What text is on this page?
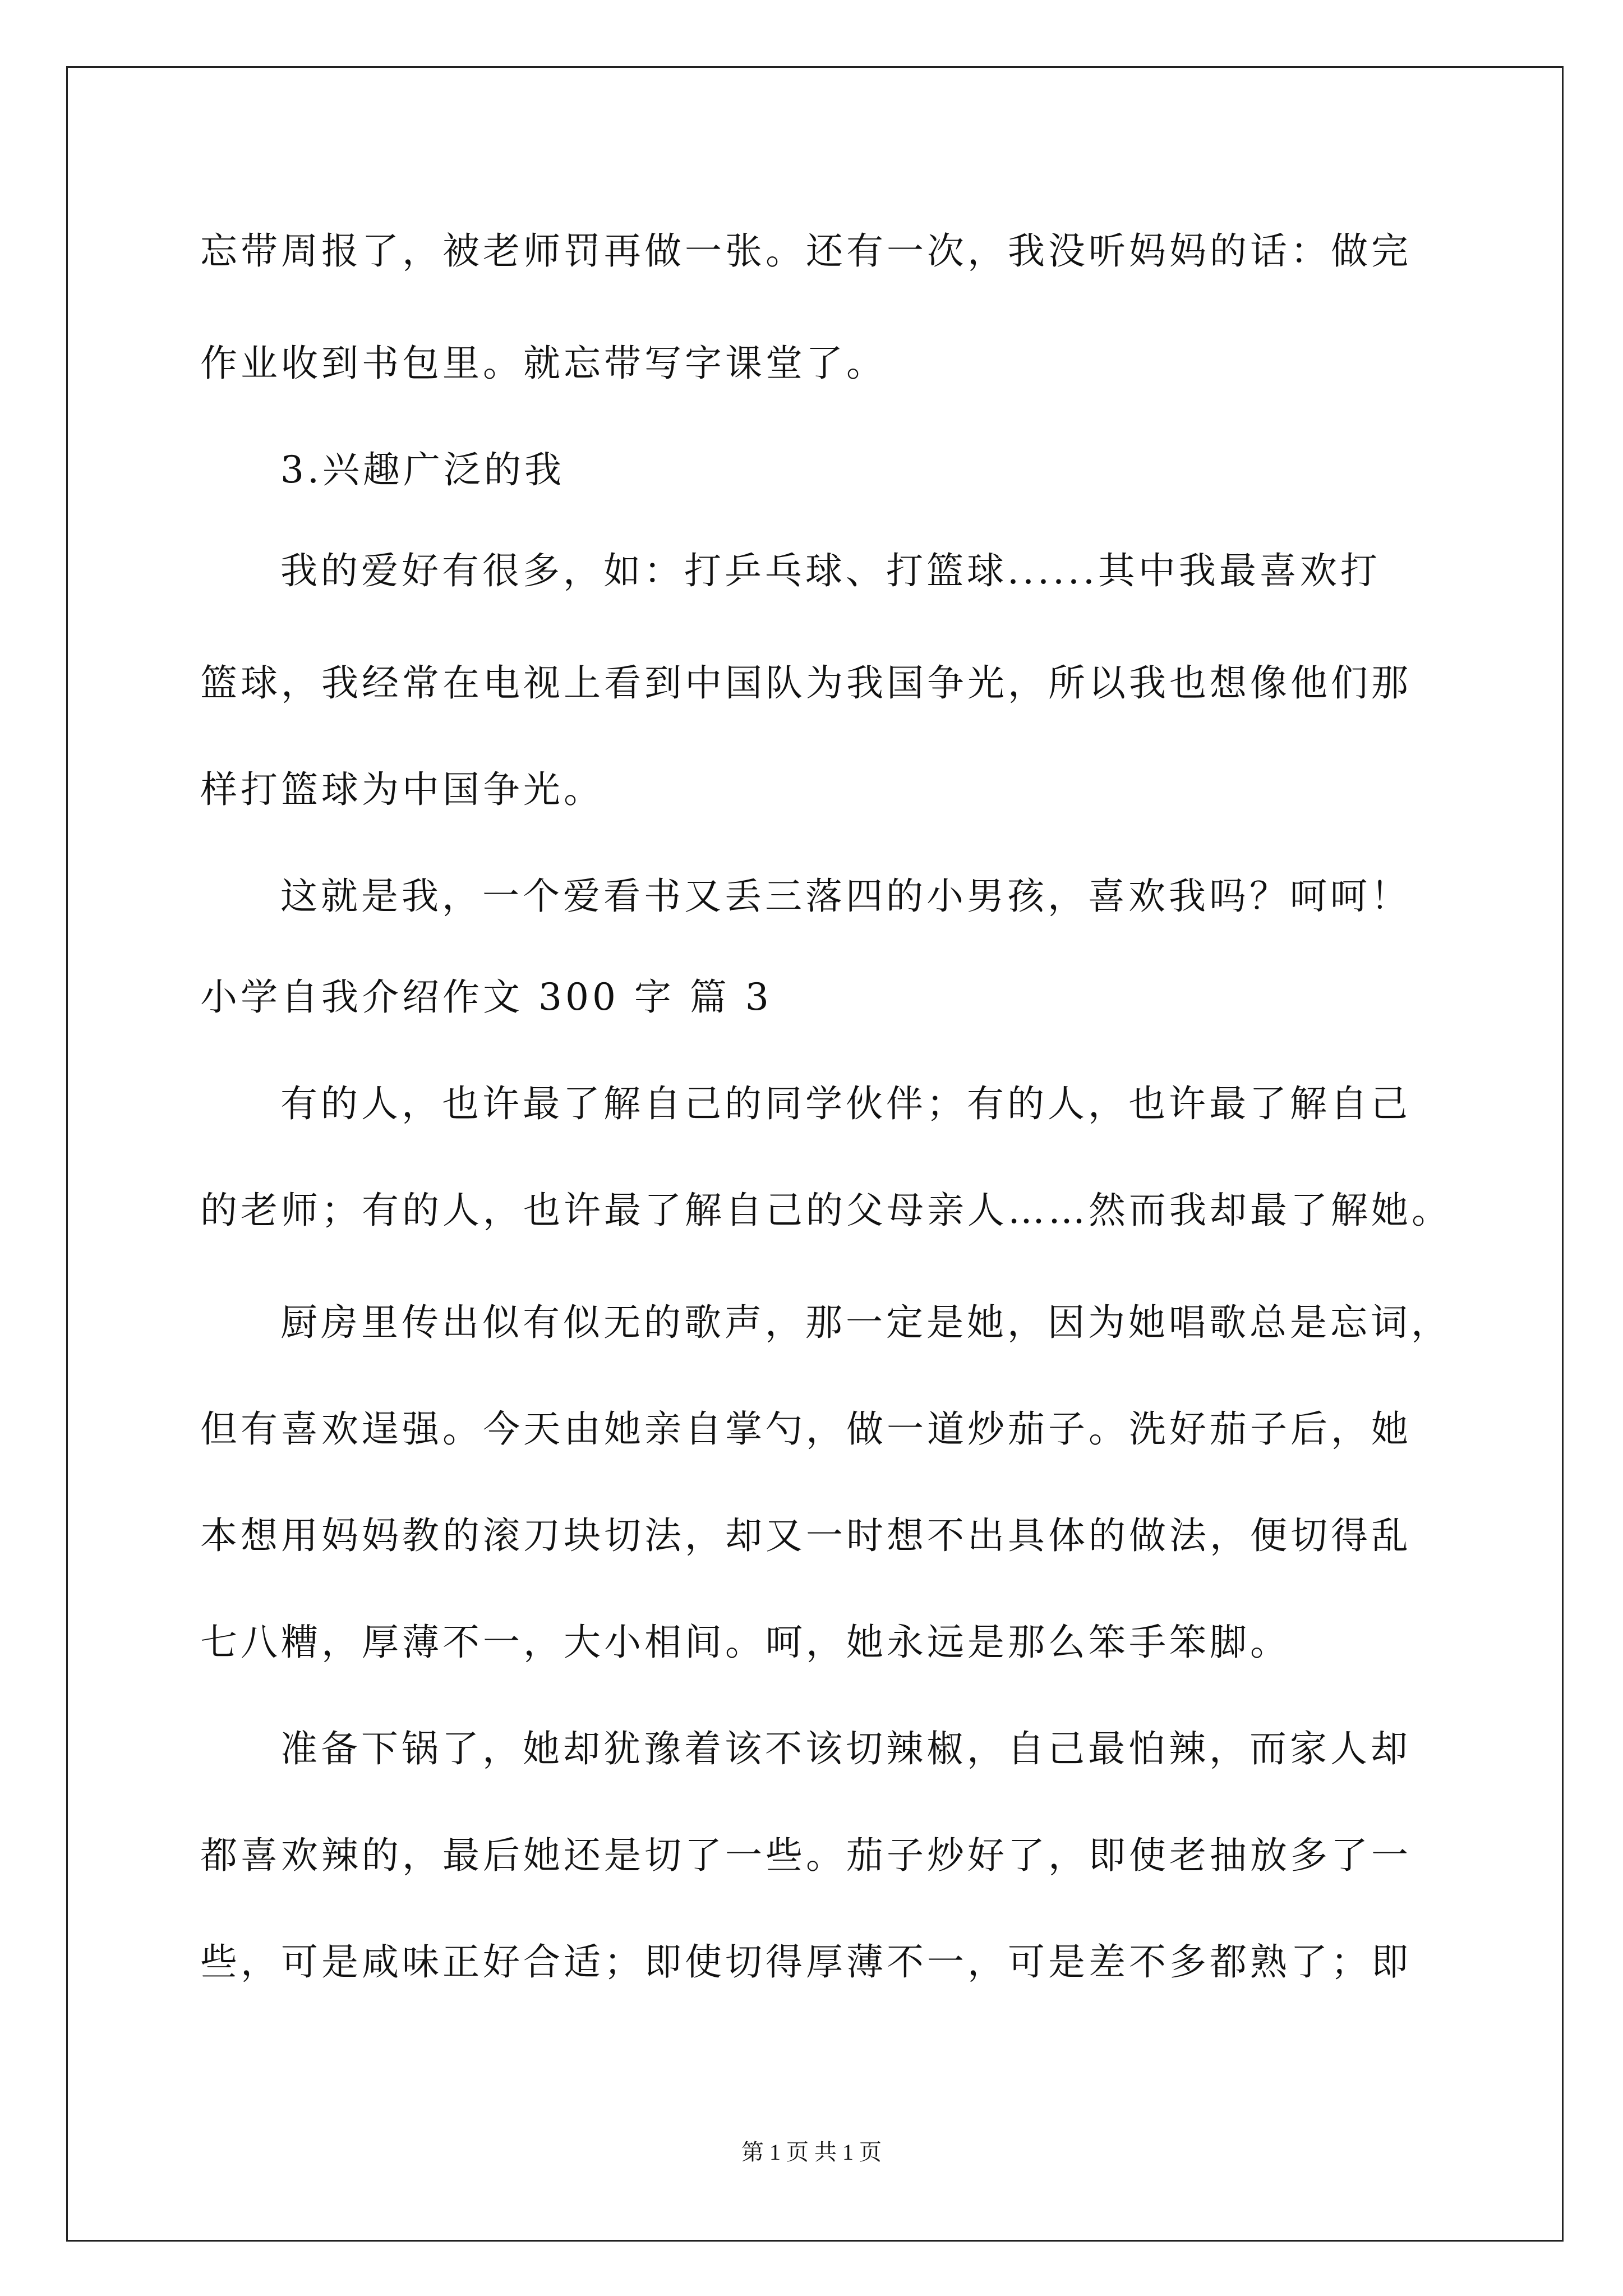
忘带周报了，被老师罚再做一张。还有一次，我没听妈妈的话：做完
作业收到书包里。就忘带写字课堂了。
3.兴趣广泛的我
我的爱好有很多，如：打乒乓球、打篮球......其中我最喜欢打
篮球，我经常在电视上看到中国队为我国争光，所以我也想像他们那
样打篮球为中国争光。
这就是我，一个爱看书又丢三落四的小男孩，喜欢我吗？呵呵！
小学自我介绍作文 300 字 篇 3
有的人，也许最了解自己的同学伙伴；有的人，也许最了解自己
的老师；有的人，也许最了解自己的父母亲人……然而我却最了解她。
厨房里传出似有似无的歌声，那一定是她，因为她唱歌总是忘词，
但有喜欢逞强。今天由她亲自掌勺，做一道炒茄子。洗好茄子后，她
本想用妈妈教的滚刀块切法，却又一时想不出具体的做法，便切得乱
七八糟，厚薄不一，大小相间。呵，她永远是那么笨手笨脚。
准备下锅了，她却犹豫着该不该切辣椒，自己最怕辣，而家人却
都喜欢辣的，最后她还是切了一些。茄子炒好了，即使老抽放多了一
些，可是咸味正好合适；即使切得厚薄不一，可是差不多都熟了；即
第 1 页 共 1 页
